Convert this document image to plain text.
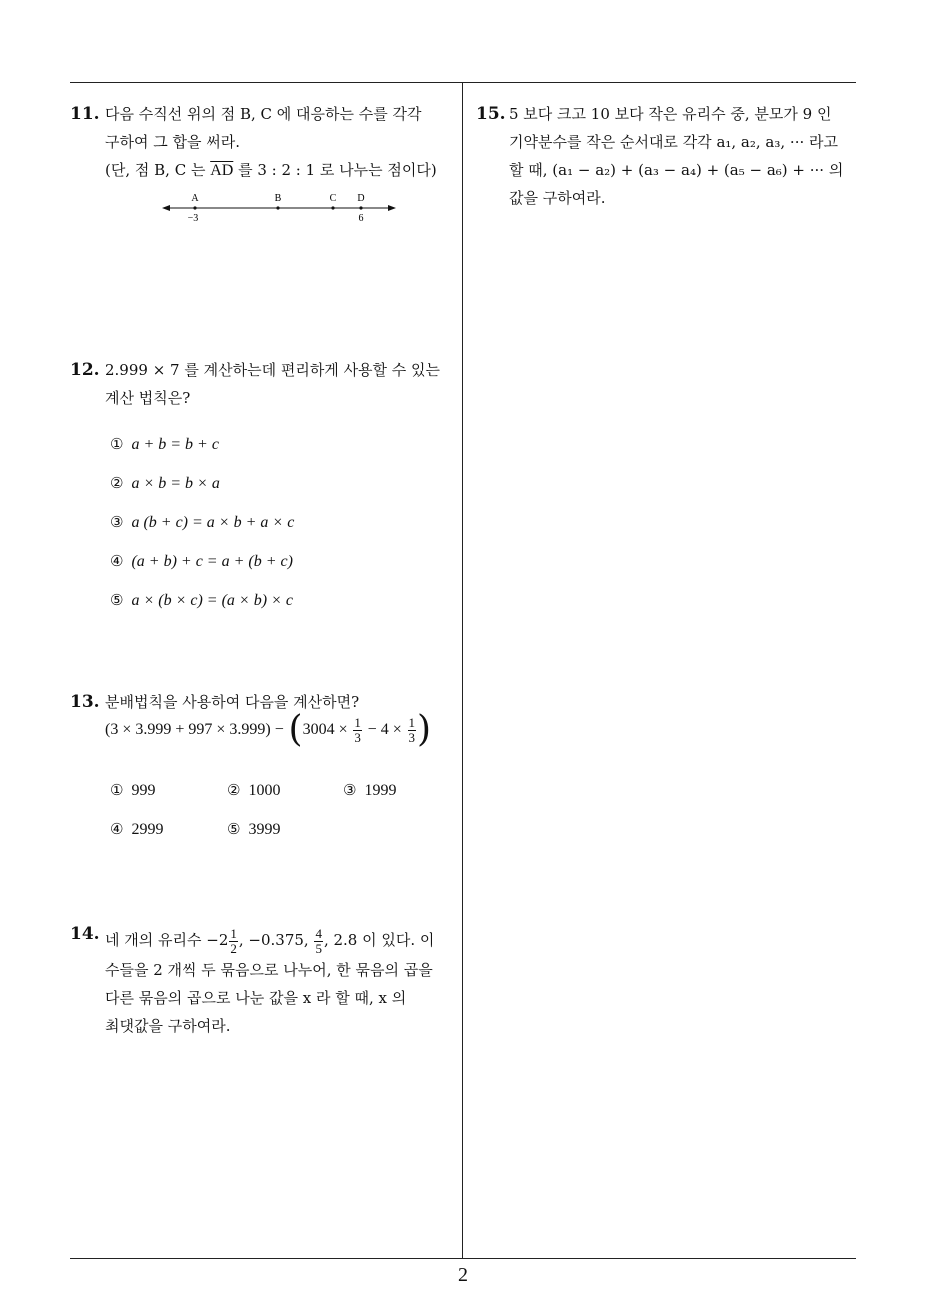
11. 다음 수직선 위의 점 B, C 에 대응하는 수를 각각
구하여 그 합을 써라.
(단, 점 B, C 는 $\overline{AD}$ 를 3 : 2 : 1 로 나누는 점이다)
A	B	C D
−3	6
12. 2.999 × 7 를 계산하는데 편리하게 사용할 수 있는
계산 법칙은?
① a + b = b + c
② a × b = b × a
③ a (b + c) = a × b + a × c
④ (a + b) + c = a + (b + c)
⑤ a × (b × c) = (a × b) × c
13. 분배법칙을 사용하여 다음을 계산하면?
$(3 \times 3.999 + 997 \times 3.999) - (3004 \times \frac{1}{3} - 4 \times \frac{1}{3}$ )
① 999	② 1000	③ 1999
④ 2999	⑤ 3999
14. 네 개의 유리수 $-2 \frac{1}{2}$ , −0.375, $\frac{4}{5}$ , 2.8 이 있다. 이
수들을 2 개씩 두 묶음으로 나누어, 한 묶음의 곱을
다른 묶음의 곱으로 나눈 값을 x 라 할 때, x 의
최댓값을 구하여라.
15. 5 보다 크고 10 보다 작은 유리수 중, 분모가 9 인
기약분수를 작은 순서대로 각각 a₁, a₂, a₃, ··· 라고
할 때, (a₁ − a₂) + (a₃ − a₄) + (a₅ − a₆) + ··· 의
값을 구하여라.
2
